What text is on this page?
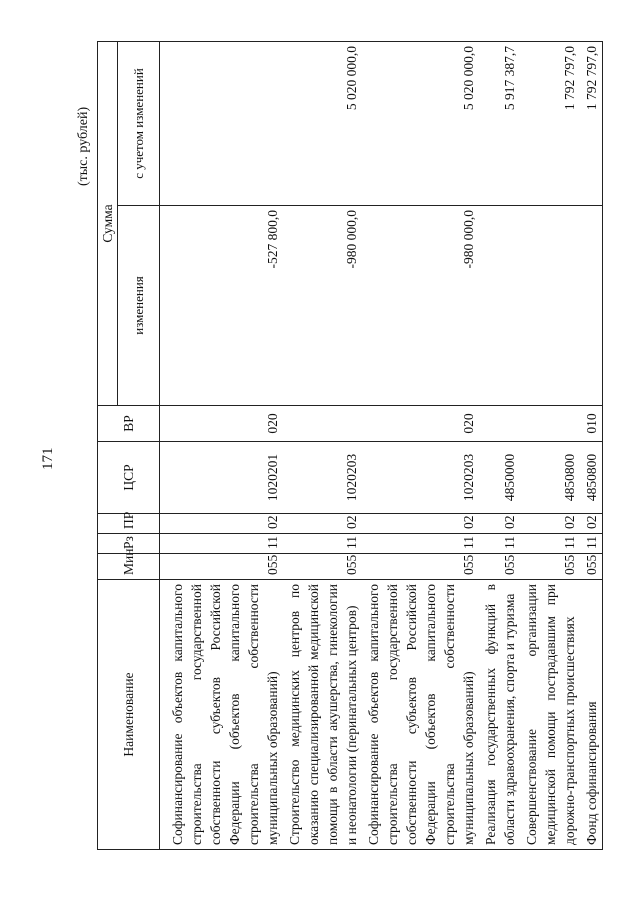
171
(тыс. рублей)
Наименование	Мин	Рз	ПР	ЦСР	ВР	Сумма	
						изменения	с учетом изменений
Софинансирование объектов капитального строительства государственной собственности субъектов Российской Федерации (объектов капитального строительства собственности муниципальных образований)	055	11	02	1020201	020	-527 800,0	
Строительство медицинских центров по оказанию специализированной медицинской помощи в области акушерства, гинекологии и неонатологии (перинатальных центров)	055	11	02	1020203		-980 000,0	5 020 000,0
Софинансирование объектов капитального строительства государственной собственности субъектов Российской Федерации (объектов капитального строительства собственности муниципальных образований)	055	11	02	1020203	020	-980 000,0	5 020 000,0
Реализация государственных функций в области здравоохранения, спорта и туризма	055	11	02	4850000			5 917 387,7
Совершенствование организации медицинской помощи пострадавшим при дорожно-транспортных происшествиях	055	11	02	4850800			1 792 797,0
Фонд софинансирования	055	11	02	4850800	010		1 792 797,0
